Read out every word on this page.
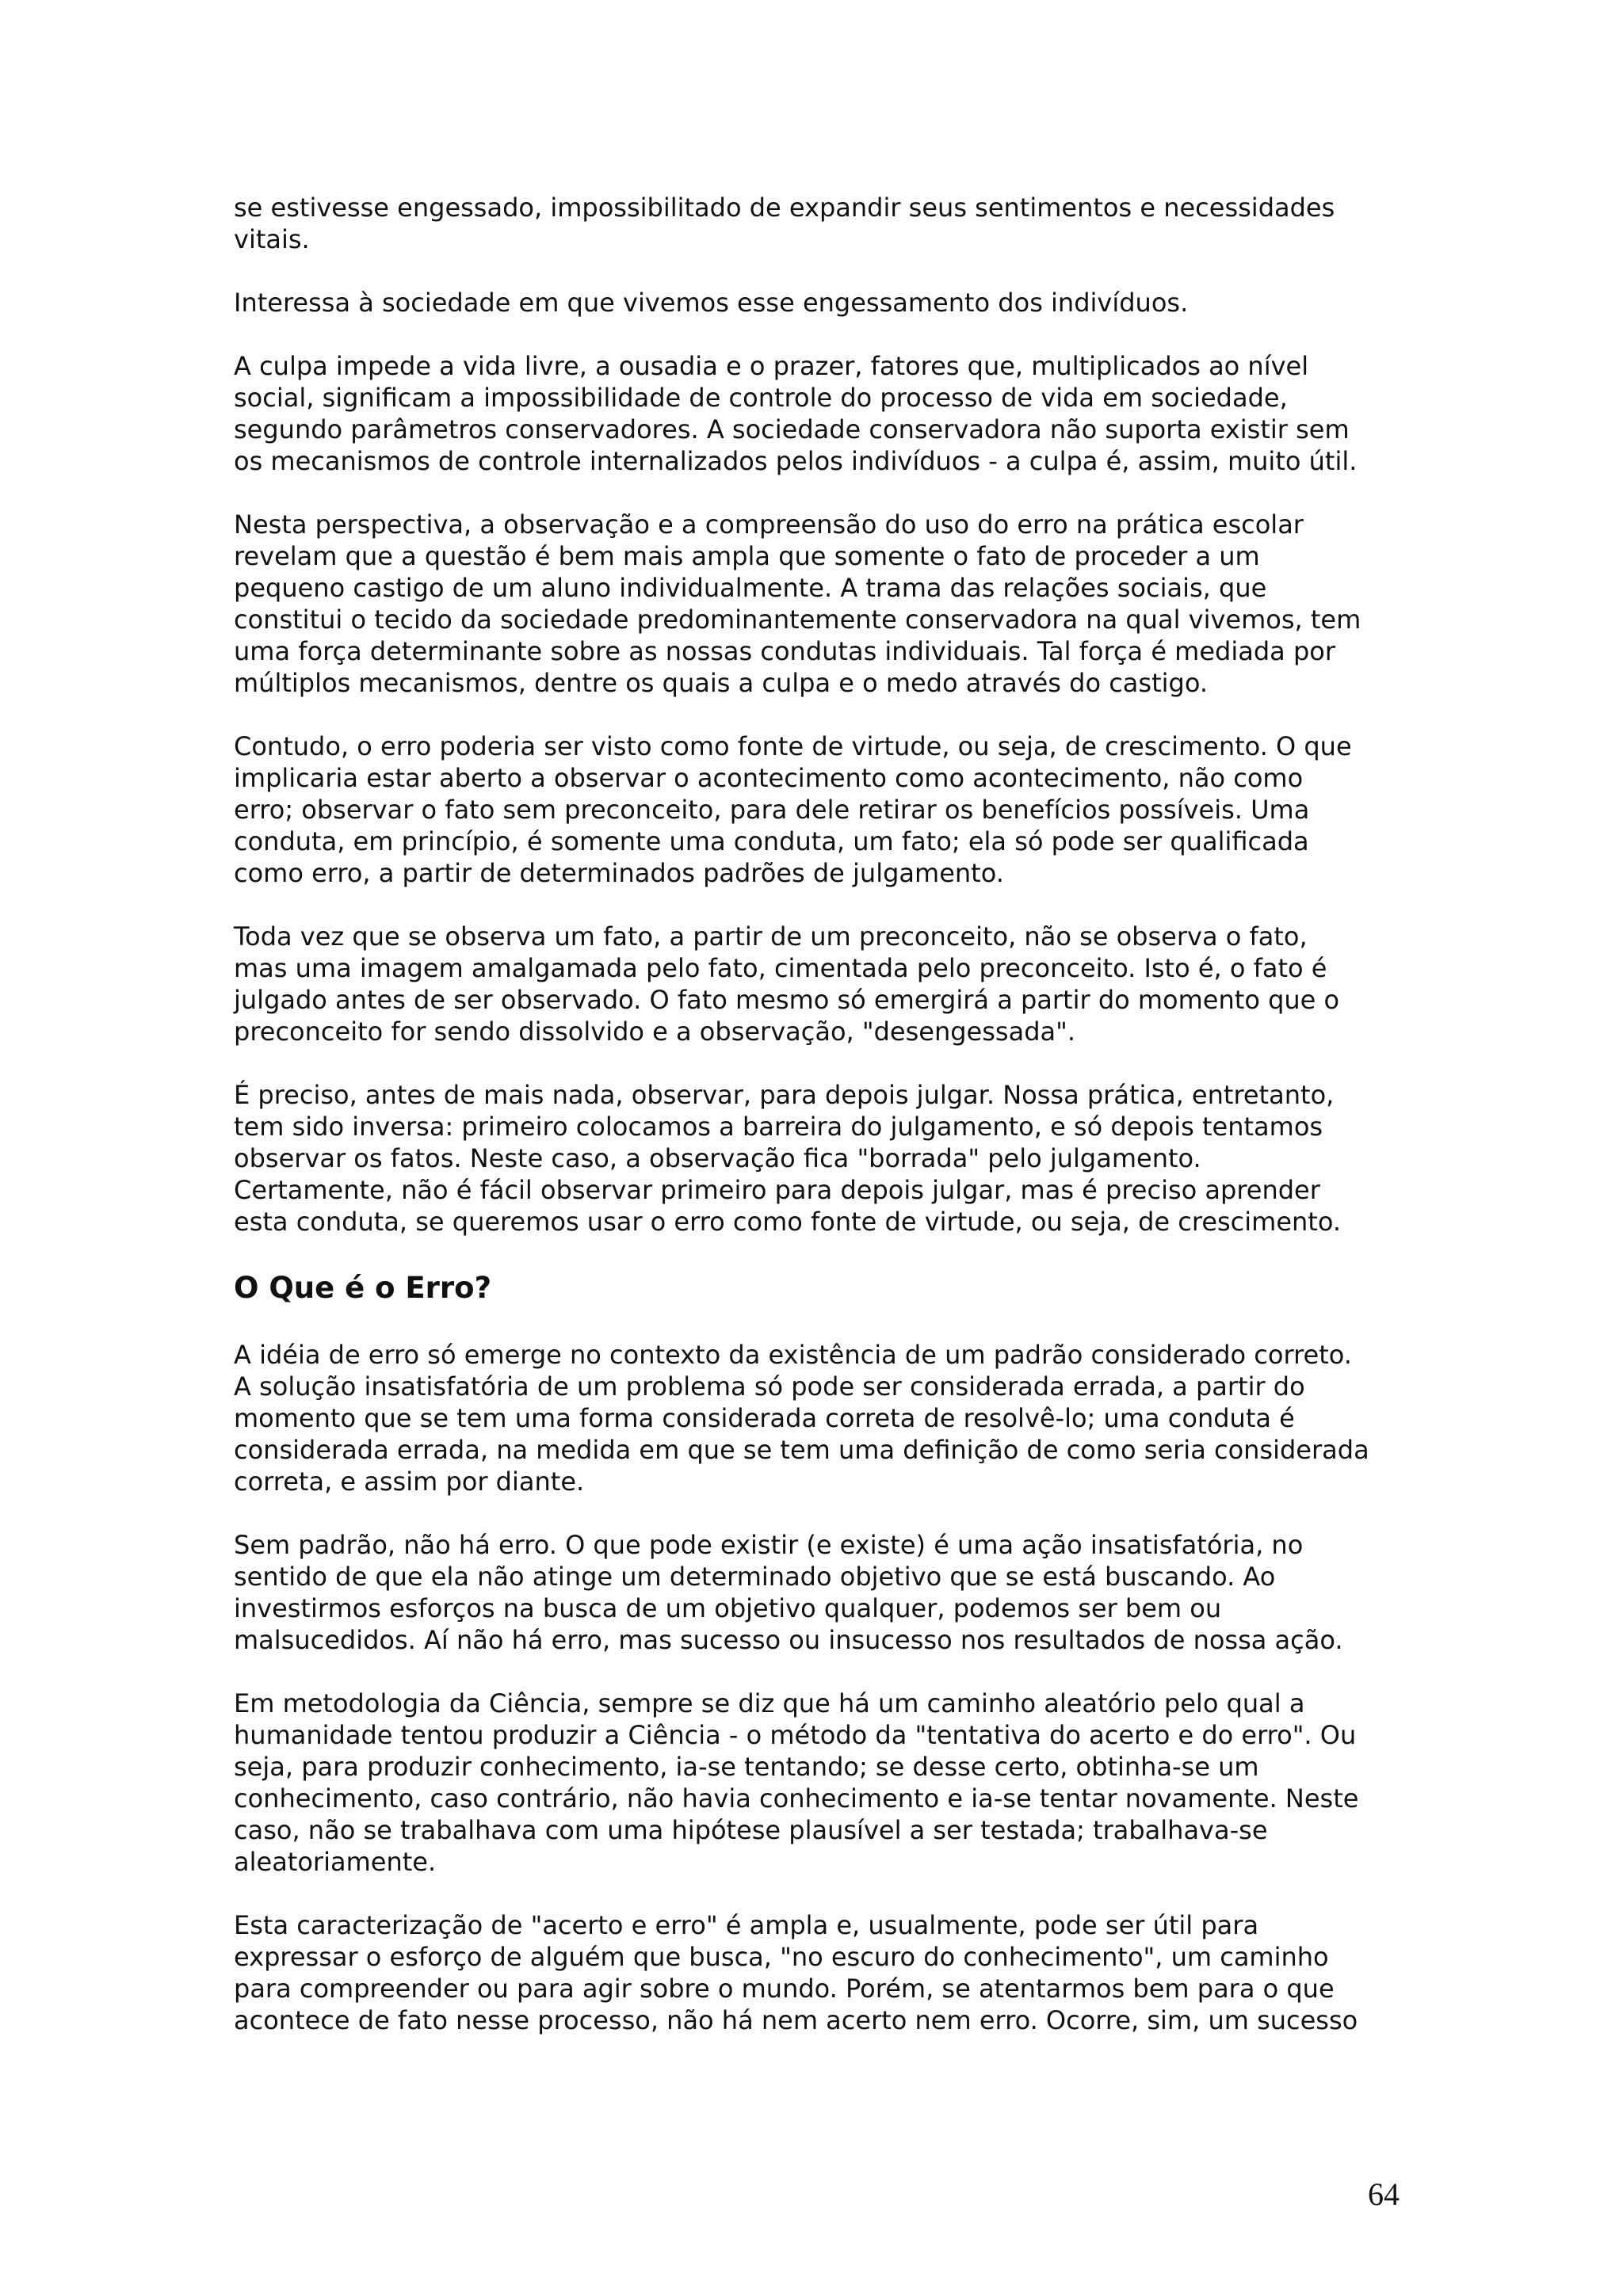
se estivesse engessado, impossibilitado de expandir seus sentimentos e necessidades
vitais.

Interessa à sociedade em que vivemos esse engessamento dos indivíduos.

A culpa impede a vida livre, a ousadia e o prazer, fatores que, multiplicados ao nível
social, significam a impossibilidade de controle do processo de vida em sociedade,
segundo parâmetros conservadores. A sociedade conservadora não suporta existir sem
os mecanismos de controle internalizados pelos indivíduos - a culpa é, assim, muito útil.

Nesta perspectiva, a observação e a compreensão do uso do erro na prática escolar
revelam que a questão é bem mais ampla que somente o fato de proceder a um
pequeno castigo de um aluno individualmente. A trama das relações sociais, que
constitui o tecido da sociedade predominantemente conservadora na qual vivemos, tem
uma força determinante sobre as nossas condutas individuais. Tal força é mediada por
múltiplos mecanismos, dentre os quais a culpa e o medo através do castigo.

Contudo, o erro poderia ser visto como fonte de virtude, ou seja, de crescimento. O que
implicaria estar aberto a observar o acontecimento como acontecimento, não como
erro; observar o fato sem preconceito, para dele retirar os benefícios possíveis. Uma
conduta, em princípio, é somente uma conduta, um fato; ela só pode ser qualificada
como erro, a partir de determinados padrões de julgamento.

Toda vez que se observa um fato, a partir de um preconceito, não se observa o fato,
mas uma imagem amalgamada pelo fato, cimentada pelo preconceito. Isto é, o fato é
julgado antes de ser observado. O fato mesmo só emergirá a partir do momento que o
preconceito for sendo dissolvido e a observação, "desengessada".

É preciso, antes de mais nada, observar, para depois julgar. Nossa prática, entretanto,
tem sido inversa: primeiro colocamos a barreira do julgamento, e só depois tentamos
observar os fatos. Neste caso, a observação fica "borrada" pelo julgamento.
Certamente, não é fácil observar primeiro para depois julgar, mas é preciso aprender
esta conduta, se queremos usar o erro como fonte de virtude, ou seja, de crescimento.

O Que é o Erro?

A idéia de erro só emerge no contexto da existência de um padrão considerado correto.
A solução insatisfatória de um problema só pode ser considerada errada, a partir do
momento que se tem uma forma considerada correta de resolvê-lo; uma conduta é
considerada errada, na medida em que se tem uma definição de como seria considerada
correta, e assim por diante.

Sem padrão, não há erro. O que pode existir (e existe) é uma ação insatisfatória, no
sentido de que ela não atinge um determinado objetivo que se está buscando. Ao
investirmos esforços na busca de um objetivo qualquer, podemos ser bem ou
malsucedidos. Aí não há erro, mas sucesso ou insucesso nos resultados de nossa ação.

Em metodologia da Ciência, sempre se diz que há um caminho aleatório pelo qual a
humanidade tentou produzir a Ciência - o método da "tentativa do acerto e do erro". Ou
seja, para produzir conhecimento, ia-se tentando; se desse certo, obtinha-se um
conhecimento, caso contrário, não havia conhecimento e ia-se tentar novamente. Neste
caso, não se trabalhava com uma hipótese plausível a ser testada; trabalhava-se
aleatoriamente.

Esta caracterização de "acerto e erro" é ampla e, usualmente, pode ser útil para
expressar o esforço de alguém que busca, "no escuro do conhecimento", um caminho
para compreender ou para agir sobre o mundo. Porém, se atentarmos bem para o que
acontece de fato nesse processo, não há nem acerto nem erro. Ocorre, sim, um sucesso

64
